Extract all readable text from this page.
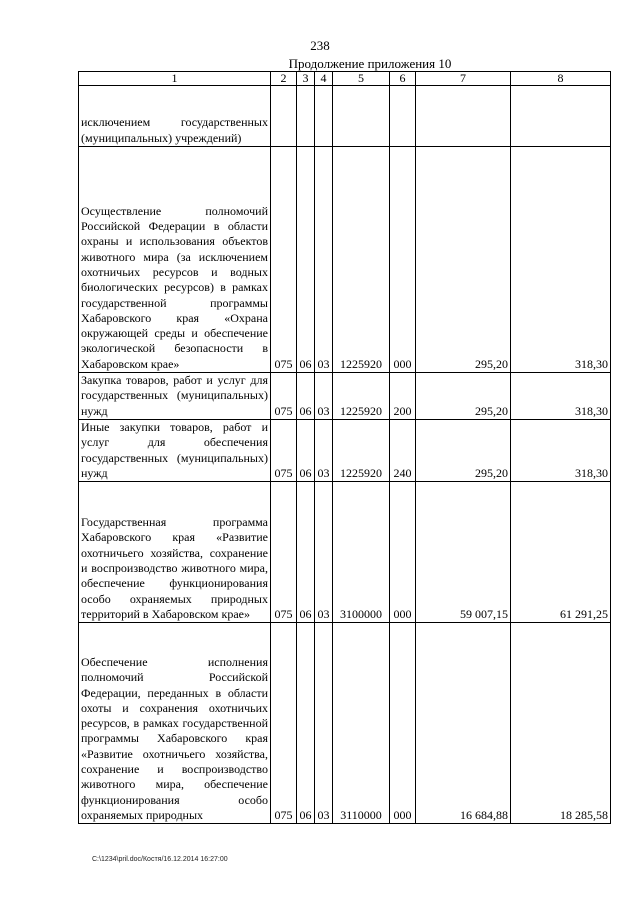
238
Продолжение приложения 10
1	2	3	4	5	6	7	8
исключением государственных (муниципальных) учреждений)							
Осуществление полномочий Российской Федерации в области охраны и использования объектов животного мира (за исключением охотничьих ресурсов и водных биологических ресурсов) в рамках государственной программы Хабаровского края «Охрана окружающей среды и обеспечение экологической безопасности в Хабаровском крае»	075	06	03	1225920	000	295,20	318,30
Закупка товаров, работ и услуг для государственных (муниципальных) нужд	075	06	03	1225920	200	295,20	318,30
Иные закупки товаров, работ и услуг для обеспечения государственных (муниципальных) нужд	075	06	03	1225920	240	295,20	318,30
Государственная программа Хабаровского края «Развитие охотничьего хозяйства, сохранение и воспроизводство животного мира, обеспечение функционирования особо охраняемых природных территорий в Хабаровском крае»	075	06	03	3100000	000	59 007,15	61 291,25
Обеспечение исполнения полномочий Российской Федерации, переданных в области охоты и сохранения охотничьих ресурсов, в рамках государственной программы Хабаровского края «Развитие охотничьего хозяйства, сохранение и воспроизводство животного мира, обеспечение функционирования особо охраняемых природных	075	06	03	3110000	000	16 684,88	18 285,58
C:\1234\pril.doc/Костя/16.12.2014 16:27:00
